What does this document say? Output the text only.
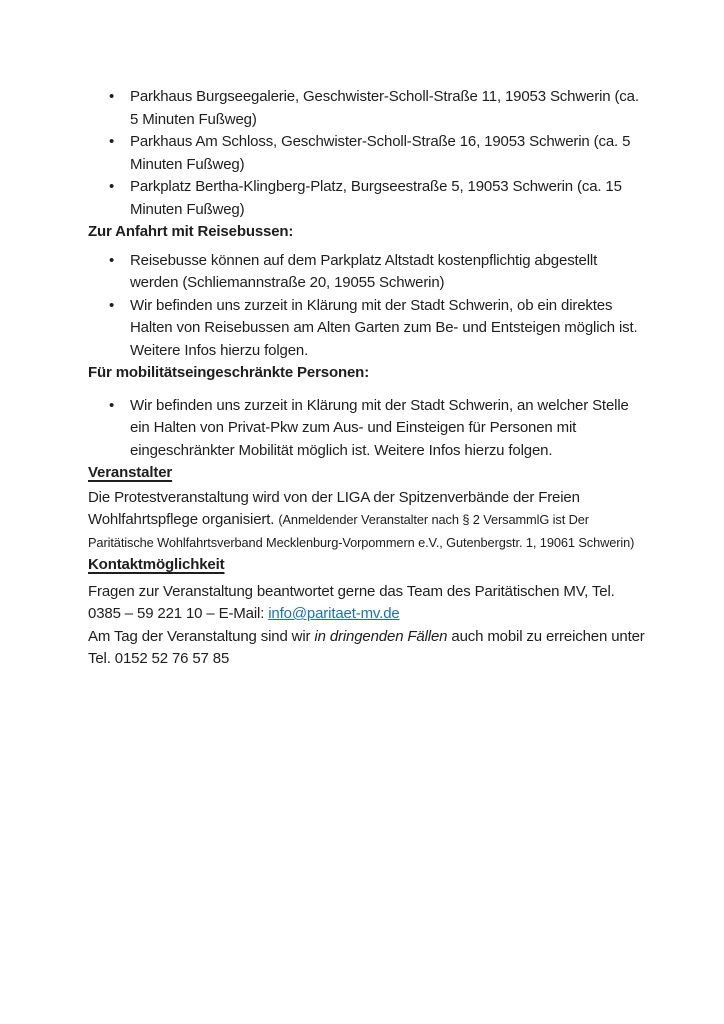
• Parkhaus Burgseegalerie, Geschwister-Scholl-Straße 11, 19053 Schwerin (ca. 5 Minuten Fußweg)
• Parkhaus Am Schloss, Geschwister-Scholl-Straße 16, 19053 Schwerin (ca. 5 Minuten Fußweg)
• Parkplatz Bertha-Klingberg-Platz, Burgseestraße 5, 19053 Schwerin (ca. 15 Minuten Fußweg)

Zur Anfahrt mit Reisebussen:

• Reisebusse können auf dem Parkplatz Altstadt kostenpflichtig abgestellt werden (Schliemannstraße 20, 19055 Schwerin)
• Wir befinden uns zurzeit in Klärung mit der Stadt Schwerin, ob ein direktes Halten von Reisebussen am Alten Garten zum Be- und Entsteigen möglich ist. Weitere Infos hierzu folgen.

Für mobilitätseingeschränkte Personen:

• Wir befinden uns zurzeit in Klärung mit der Stadt Schwerin, an welcher Stelle ein Halten von Privat-Pkw zum Aus- und Einsteigen für Personen mit eingeschränkter Mobilität möglich ist. Weitere Infos hierzu folgen.

Veranstalter

Die Protestveranstaltung wird von der LIGA der Spitzenverbände der Freien Wohlfahrtspflege organisiert. (Anmeldender Veranstalter nach § 2 VersammlG ist Der Paritätische Wohlfahrtsverband Mecklenburg-Vorpommern e.V., Gutenbergstr. 1, 19061 Schwerin)

Kontaktmöglichkeit

Fragen zur Veranstaltung beantwortet gerne das Team des Paritätischen MV, Tel. 0385 – 59 221 10 – E-Mail: info@paritaet-mv.de

Am Tag der Veranstaltung sind wir in dringenden Fällen auch mobil zu erreichen unter Tel. 0152 52 76 57 85
